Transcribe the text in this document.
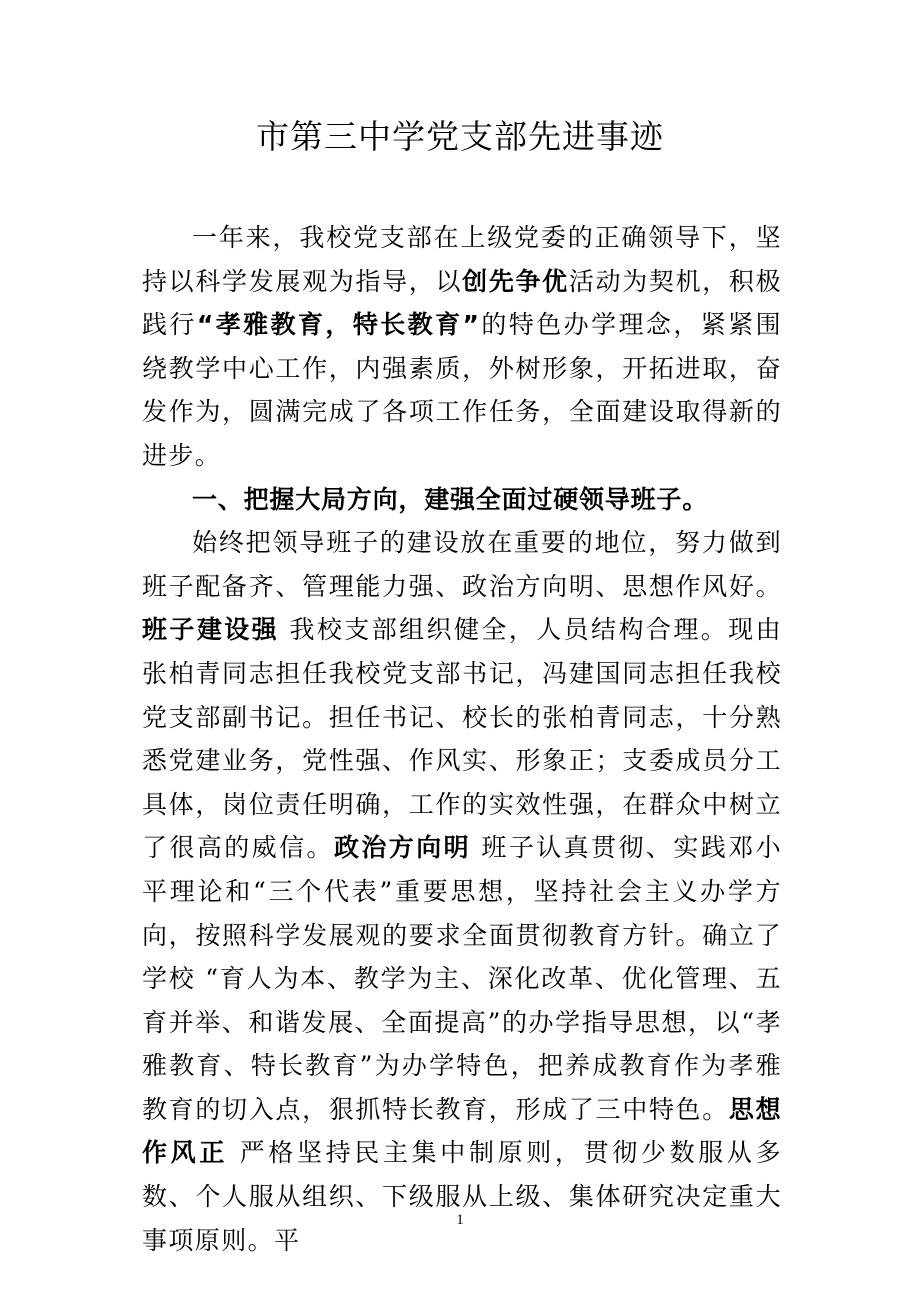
市第三中学党支部先进事迹

一年来，我校党支部在上级党委的正确领导下，坚持以科学发展观为指导，以创先争优活动为契机，积极践行“孝雅教育，特长教育”的特色办学理念，紧紧围绕教学中心工作，内强素质，外树形象，开拓进取，奋发作为，圆满完成了各项工作任务，全面建设取得新的进步。

一、把握大局方向，建强全面过硬领导班子。

始终把领导班子的建设放在重要的地位，努力做到班子配备齐、管理能力强、政治方向明、思想作风好。班子建设强 我校支部组织健全，人员结构合理。现由张柏青同志担任我校党支部书记，冯建国同志担任我校党支部副书记。担任书记、校长的张柏青同志，十分熟悉党建业务，党性强、作风实、形象正；支委成员分工具体，岗位责任明确，工作的实效性强，在群众中树立了很高的威信。政治方向明 班子认真贯彻、实践邓小平理论和“三个代表”重要思想，坚持社会主义办学方向，按照科学发展观的要求全面贯彻教育方针。确立了学校 “育人为本、教学为主、深化改革、优化管理、五育并举、和谐发展、全面提高”的办学指导思想，以“孝雅教育、特长教育”为办学特色，把养成教育作为孝雅教育的切入点，狠抓特长教育，形成了三中特色。思想作风正 严格坚持民主集中制原则，贯彻少数服从多数、个人服从组织、下级服从上级、集体研究决定重大事项原则。平

1
